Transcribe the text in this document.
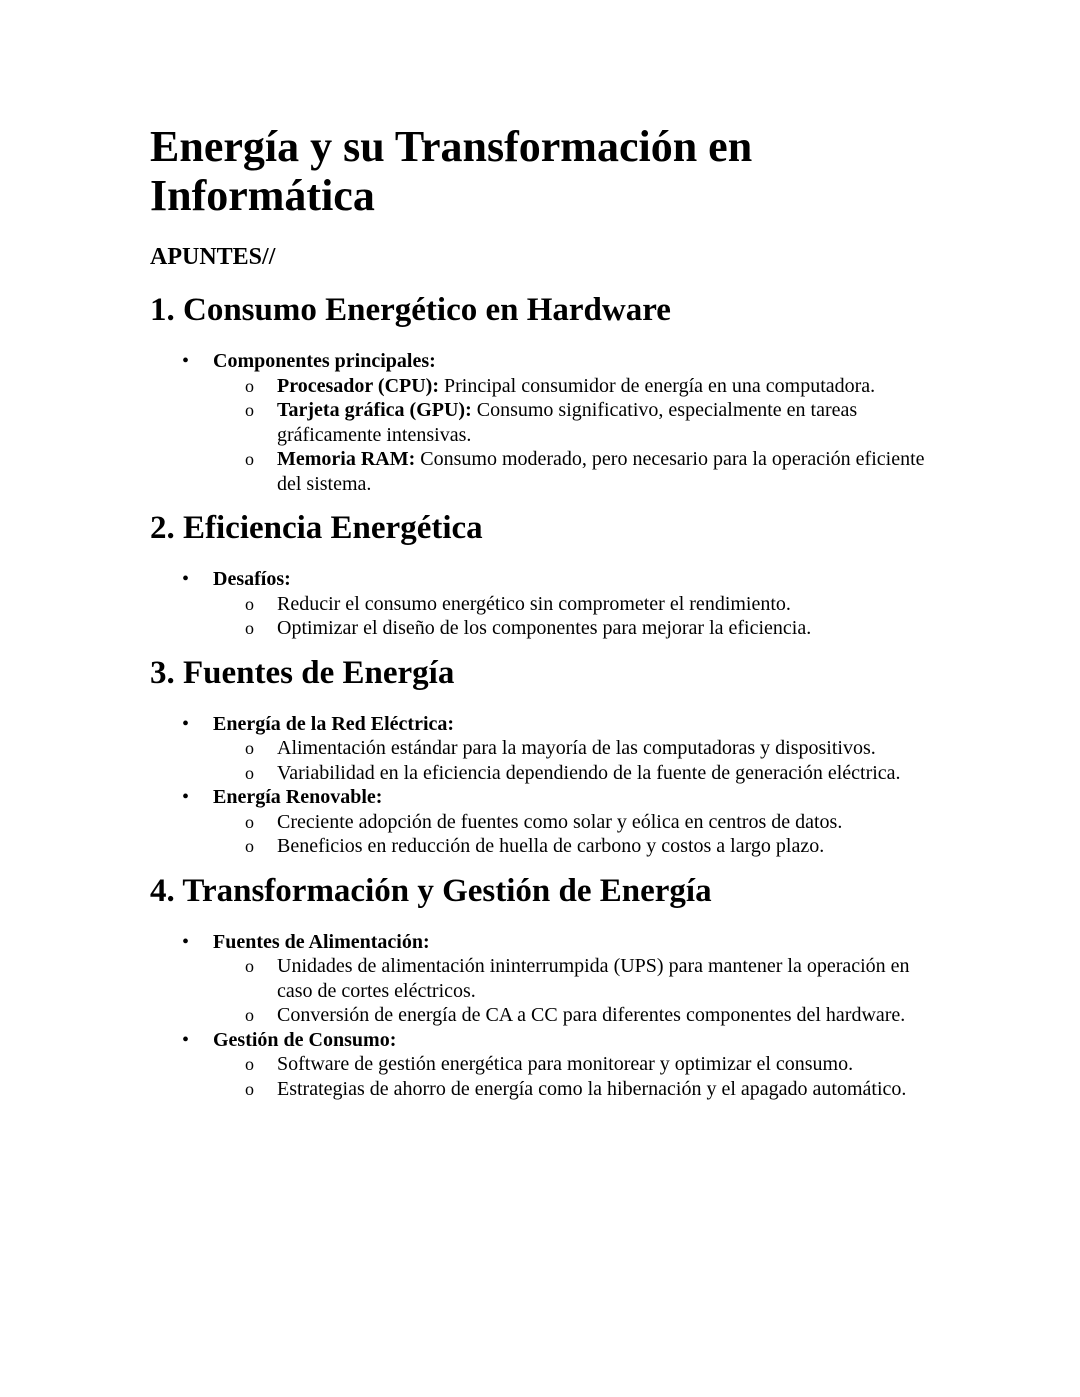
Energía y su Transformación en
Informática

APUNTES//

1. Consumo Energético en Hardware
• Componentes principales:
o Procesador (CPU): Principal consumidor de energía en una computadora.
o Tarjeta gráfica (GPU): Consumo significativo, especialmente en tareas gráficamente intensivas.
o Memoria RAM: Consumo moderado, pero necesario para la operación eficiente del sistema.
2. Eficiencia Energética
• Desafíos:
o Reducir el consumo energético sin comprometer el rendimiento.
o Optimizar el diseño de los componentes para mejorar la eficiencia.
3. Fuentes de Energía
• Energía de la Red Eléctrica:
o Alimentación estándar para la mayoría de las computadoras y dispositivos.
o Variabilidad en la eficiencia dependiendo de la fuente de generación eléctrica.
• Energía Renovable:
o Creciente adopción de fuentes como solar y eólica en centros de datos.
o Beneficios en reducción de huella de carbono y costos a largo plazo.
4. Transformación y Gestión de Energía
• Fuentes de Alimentación:
o Unidades de alimentación ininterrumpida (UPS) para mantener la operación en caso de cortes eléctricos.
o Conversión de energía de CA a CC para diferentes componentes del hardware.
• Gestión de Consumo:
o Software de gestión energética para monitorear y optimizar el consumo.
o Estrategias de ahorro de energía como la hibernación y el apagado automático.
